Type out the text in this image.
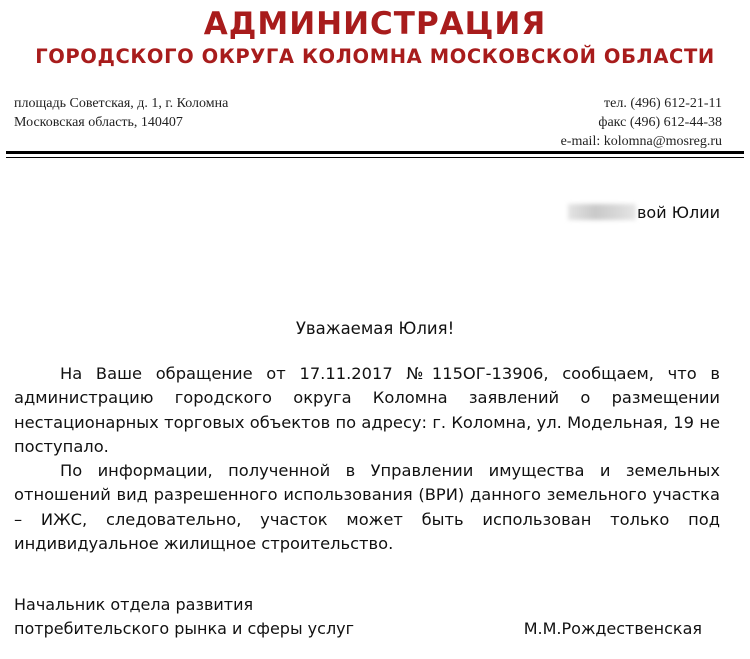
АДМИНИСТРАЦИЯ
ГОРОДСКОГО ОКРУГА КОЛОМНА МОСКОВСКОЙ ОБЛАСТИ
площадь Советская, д. 1, г. Коломна
Московская область, 140407
тел. (496) 612-21-11
факс (496) 612-44-38
e-mail: kolomna@mosreg.ru
вой Юлии
Уважаемая Юлия!

На Ваше обращение от 17.11.2017 №115ОГ-13906, сообщаем, что в администрацию городского округа Коломна заявлений о размещении нестационарных торговых объектов по адресу: г. Коломна, ул. Модельная, 19 не поступало.

По информации, полученной в Управлении имущества и земельных отношений вид разрешенного использования (ВРИ) данного земельного участка – ИЖС, следовательно, участок может быть использован только под индивидуальное жилищное строительство.

Начальник отдела развития
потребительского рынка и сферы услуг	М.М.Рождественская
